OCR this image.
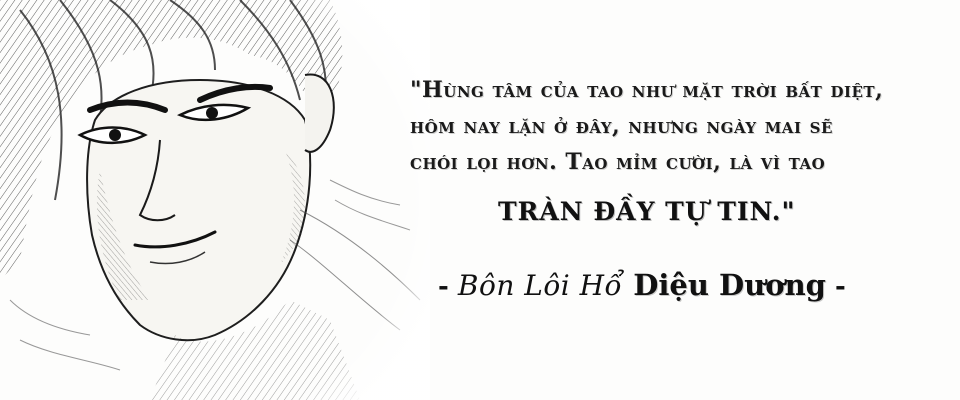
"Hùng tâm của tao như mặt trời bất diệt,
hôm nay lặn ở đây, nhưng ngày mai sẽ
chói lọi hơn. Tao mỉm cười, là vì tao
TRÀN ĐẦY TỰ TIN."
- Bôn Lôi Hổ Diệu Dương -
